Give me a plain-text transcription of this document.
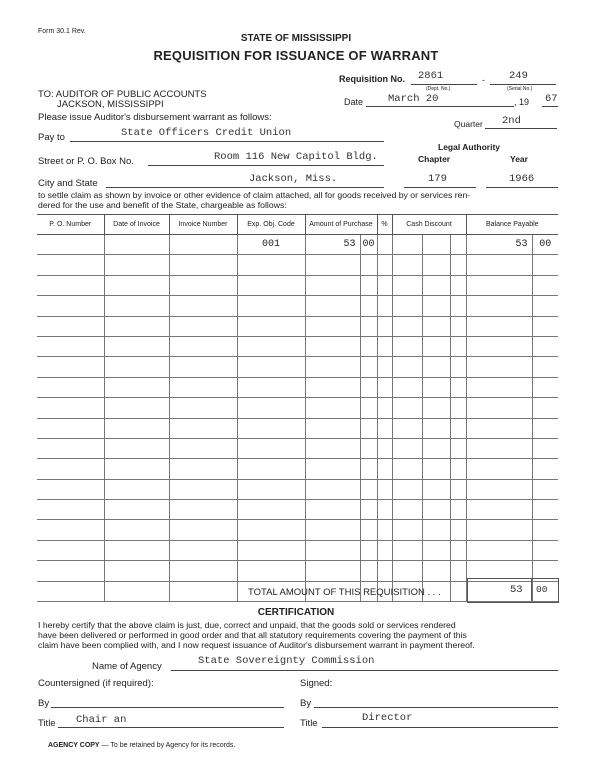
Form 30.1 Rev.
STATE OF MISSISSIPPI
REQUISITION FOR ISSUANCE OF WARRANT
Requisition No. 2861	- 249
(Dept. No.)	(Serial No.)
TO: AUDITOR OF PUBLIC ACCOUNTS
JACKSON, MISSISSIPPI	Date March 20	, 19 67
Please issue Auditor's disbursement warrant as follows:
Quarter 2nd
Pay to	State Officers Credit Union
Legal Authority
Chapter	Year
Street or P. O. Box No.	Room 116 New Capitol Bldg.
City and State	Jackson, Miss.	179	1966
to settle claim as shown by invoice or other evidence of claim attached, all for goods received by or services ren-
dered for the use and benefit of the State, chargeable as follows:
P. O. Number	Date of Invoice	Invoice Number	Exp. Obj. Code	Amount of Purchase		%	Cash Discount			Balance Payable	
			001	53	00					53	00

TOTAL AMOUNT OF THIS REQUISITION . . .	53 00
CERTIFICATION
I hereby certify that the above claim is just, due, correct and unpaid, that the goods sold or services rendered
have been delivered or performed in good order and that all statutory requirements covering the payment of this
claim have been complied with, and I now request issuance of Auditor's disbursement warrant in payment thereof.
Name of Agency	State Sovereignty Commission
Countersigned (if required):	Signed:
By	By
Title Chair an	Title	Director
AGENCY COPY — To be retained by Agency for its records.
